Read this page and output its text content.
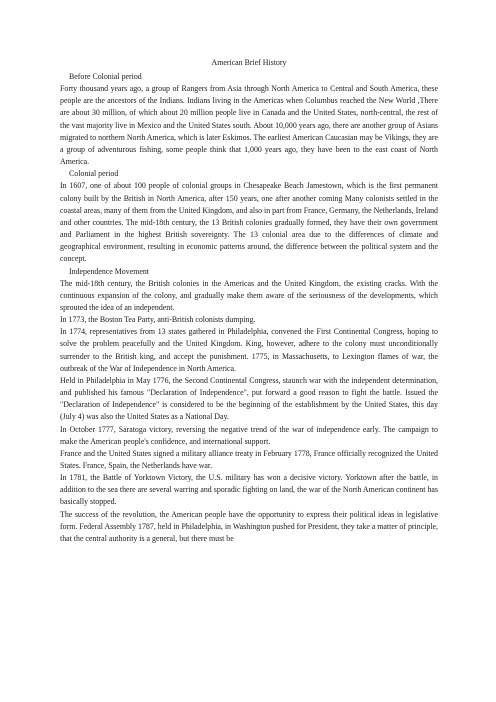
American Brief History
Before Colonial period
Forty thousand years ago, a group of Rangers from Asia through North America to Central and South America, these people are the ancestors of the Indians. Indians living in the Americas when Columbus reached the New World ,There are about 30 million, of which about 20 million people live in Canada and the United States, north-central, the rest of the vast majority live in Mexico and the United States south. About 10,000 years ago, there are another group of Asians migrated to northern North America, which is later Eskimos. The earliest American Caucasian may be Vikings, they are a group of adventurous fishing, some people think that 1,000 years ago, they have been to the east coast of North America.
Colonial period
In 1607, one of about 100 people of colonial groups in Chesapeake Beach Jamestown, which is the first permanent colony built by the British in North America, after 150 years, one after another coming Many colonists settled in the coastal areas, many of them from the United Kingdom, and also in part from France, Germany, the Netherlands, Ireland and other countries. The mid-18th century, the 13 British colonies gradually formed, they have their own government and Parliament in the highest British sovereignty. The 13 colonial area due to the differences of climate and geographical environment, resulting in economic patterns around, the difference between the political system and the concept.
Independence Movement
The mid-18th century, the British colonies in the Americas and the United Kingdom, the existing cracks. With the continuous expansion of the colony, and gradually make them aware of the seriousness of the developments, which sprouted the idea of an independent.
In 1773, the Boston Tea Party, anti-British colonists dumping.
In 1774, representatives from 13 states gathered in Philadelphia, convened the First Continental Congress, hoping to solve the problem peacefully and the United Kingdom. King, however, adhere to the colony must unconditionally surrender to the British king, and accept the punishment. 1775, in Massachusetts, to Lexington flames of war, the outbreak of the War of Independence in North America.
Held in Philadelphia in May 1776, the Second Continental Congress, staunch war with the independent determination, and published his famous "Declaration of Independence", put forward a good reason to fight the battle. Issued the "Declaration of Independence" is considered to be the beginning of the establishment by the United States, this day (July 4) was also the United States as a National Day.
In October 1777, Saratoga victory, reversing the negative trend of the war of independence early. The campaign to make the American people's confidence, and international support.
France and the United States signed a military alliance treaty in February 1778, France officially recognized the United States. France, Spain, the Netherlands have war.
In 1781, the Battle of Yorktown Victory, the U.S. military has won a decisive victory. Yorktown after the battle, in addition to the sea there are several warring and sporadic fighting on land, the war of the North American continent has basically stopped.
The success of the revolution, the American people have the opportunity to express their political ideas in legislative form. Federal Assembly 1787, held in Philadelphia, in Washington pushed for President, they take a matter of principle, that the central authority is a general, but there must be
